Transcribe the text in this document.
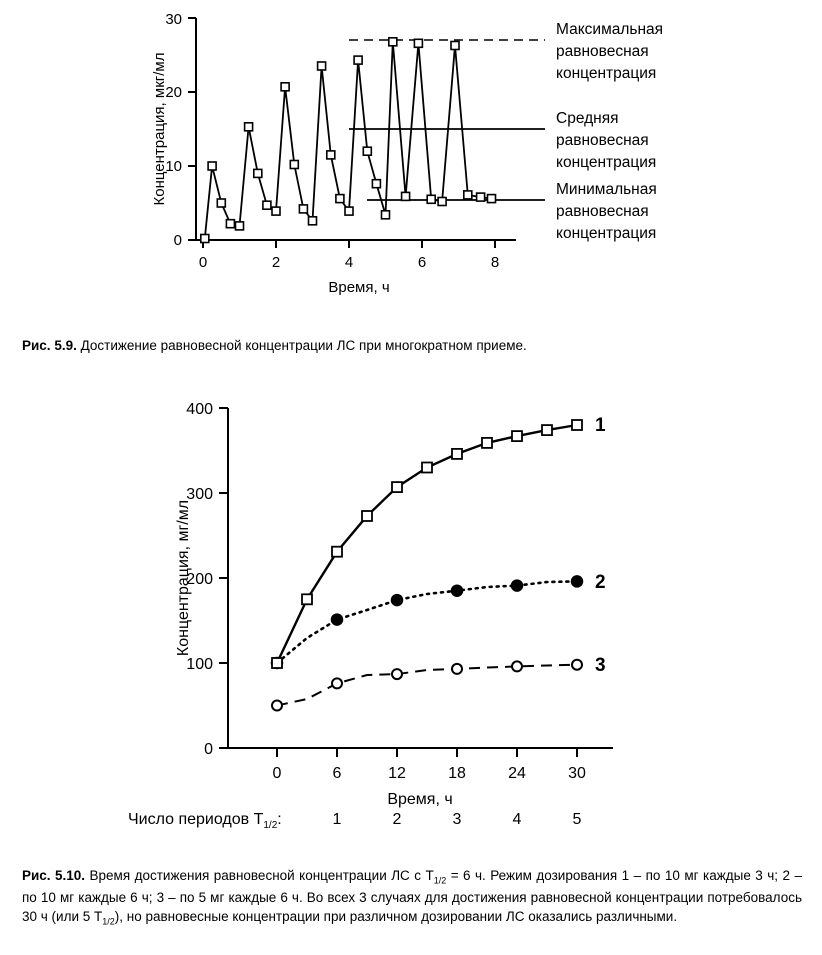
0
10
20
30
0	2	4	6	8
Время, ч
Концентрация, мкг/мл
Максимальная
равновесная
концентрация
Средняя
равновесная
концентрация
Минимальная
равновесная
концентрация
Рис. 5.9. Достижение равновесной концентрации ЛС при многократном приеме.
0
100
200
300
400
0	6	12	18	24	30
Время, ч
Концентрация, мг/мл
1
2
3
Число периодов $Т_{1/2}$:	1	2	3	4	5
Рис. 5.10. Время достижения равновесной концентрации ЛС с $Т_{1/2} = 6$ ч. Режим дозирования 1 – по 10 мг каждые 3 ч; 2 – по 10 мг каждые 6 ч; 3 – по 5 мг каждые 6 ч. Во всех 3 случаях для достижения равновесной концентрации потребовалось 30 ч (или 5 $Т_{1/2}$), но равновесные концентрации при различном дозировании ЛС оказались различными.
